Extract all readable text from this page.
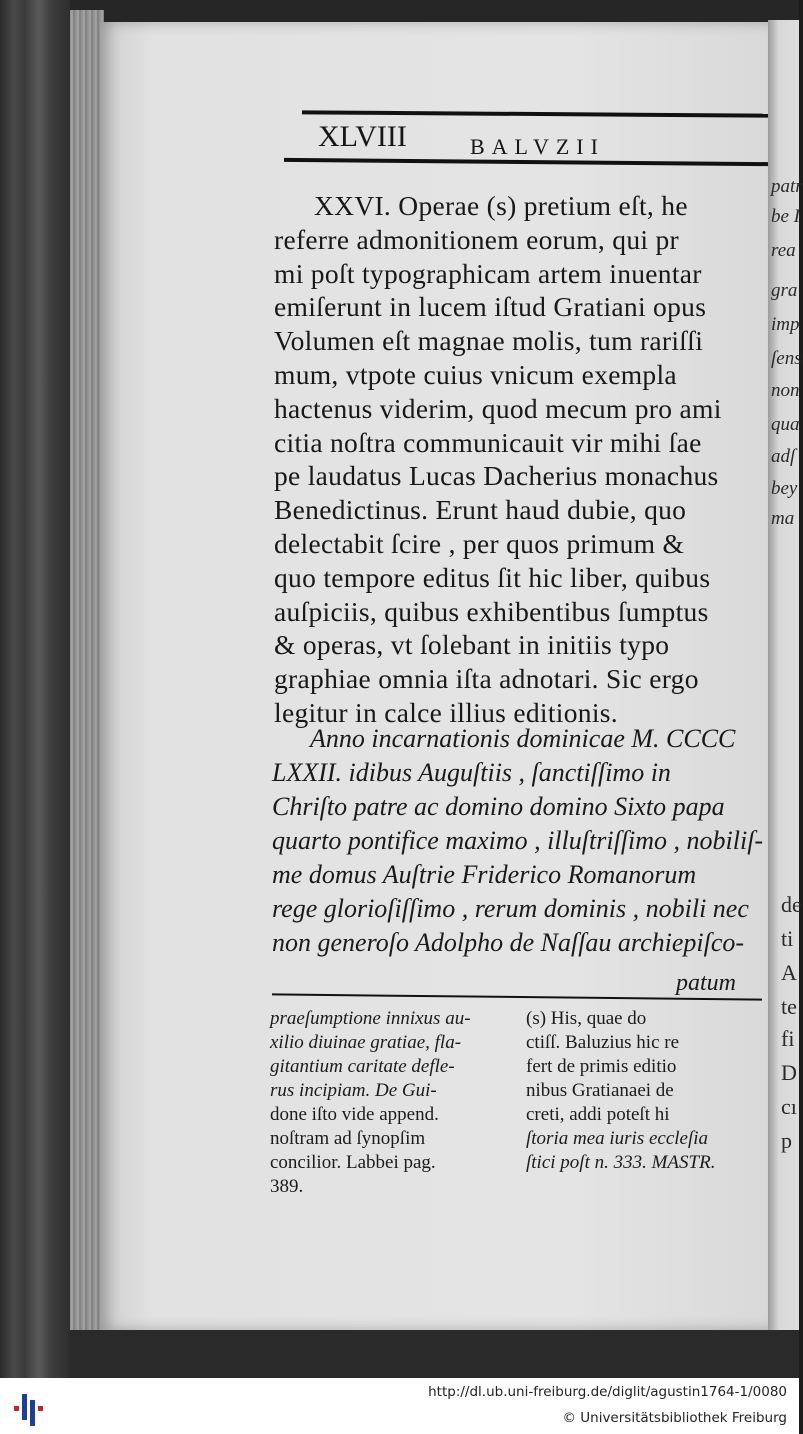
XLVIII	BALVZII
XXVI. Operae (s) pretium eſt, he
referre admonitionem eorum, qui pr
mi poſt typographicam artem inuentar
emiſerunt in lucem iſtud Gratiani opus
Volumen eſt magnae molis, tum rariſſi
mum, vtpote cuius vnicum exempla
hactenus viderim, quod mecum pro ami
citia noſtra communicauit vir mihi ſae
pe laudatus Lucas Dacherius monachus
Benedictinus. Erunt haud dubie, quo
delectabit ſcire , per quos primum &
quo tempore editus ſit hic liber, quibus
auſpiciis, quibus exhibentibus ſumptus
& operas, vt ſolebant in initiis typo
graphiae omnia iſta adnotari. Sic ergo
legitur in calce illius editionis.
Anno incarnationis dominicae M. CCCC
LXXII. idibus Auguſtiis , ſanctiſſimo in
Chriſto patre ac domino domino Sixto papa
quarto pontifice maximo , illuſtriſſimo , nobiliſ-
me domus Auſtrie Friderico Romanorum
rege glorioſiſſimo , rerum dominis , nobili nec
non generoſo Adolpho de Naſſau archiepiſco-
patum
praeſumptione innixus au-
xilio diuinae gratiae, fla-
gitantium caritate defle-
rus incipiam. De Gui-
done iſto vide append.
noſtram ad ſynopſim
concilior. Labbei pag.
389.
(s) His, quae do
ctiſſ. Baluzius hic re
fert de primis editio
nibus Gratianaei de
creti, addi poteſt hi
ſtoria mea iuris eccleſia
ſtici poſt n. 333. MASTR.
patr
be I
rea
gra
imp
ſens
non
qua
adſ
bey
ma
de
ti
A
te
fi
D
cı
p
http://dl.ub.uni-freiburg.de/diglit/agustin1764-1/0080
© Universitätsbibliothek Freiburg
